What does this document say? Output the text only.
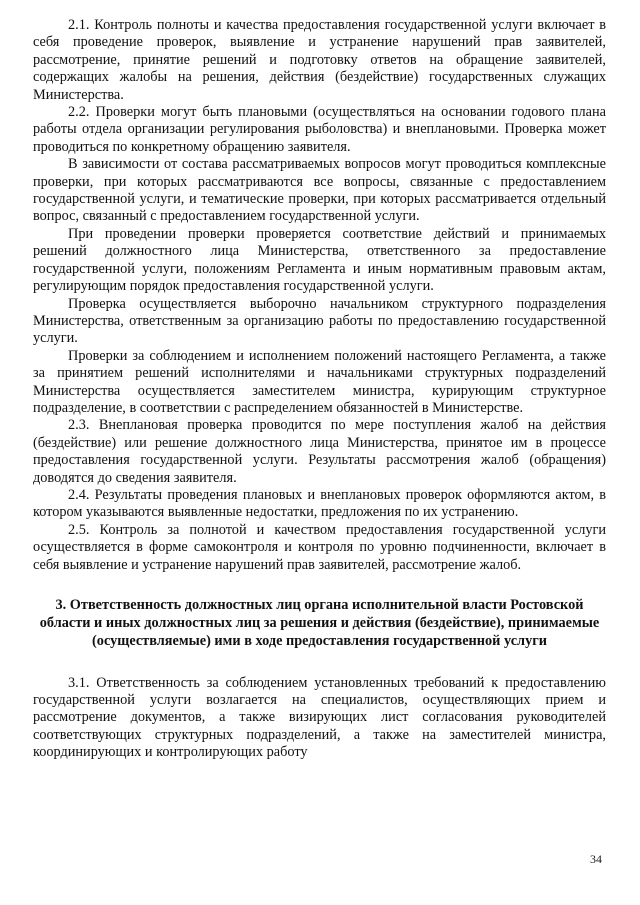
2.1. Контроль полноты и качества предоставления государственной услуги включает в себя проведение проверок, выявление и устранение нарушений прав заявителей, рассмотрение, принятие решений и подготовку ответов на обращение заявителей, содержащих жалобы на решения, действия (бездействие) государственных служащих Министерства.

2.2. Проверки могут быть плановыми (осуществляться на основании годового плана работы отдела организации регулирования рыболовства) и внеплановыми. Проверка может проводиться по конкретному обращению заявителя.

В зависимости от состава рассматриваемых вопросов могут проводиться комплексные проверки, при которых рассматриваются все вопросы, связанные с предоставлением государственной услуги, и тематические проверки, при которых рассматривается отдельный вопрос, связанный с предоставлением государственной услуги.

При проведении проверки проверяется соответствие действий и принимаемых решений должностного лица Министерства, ответственного за предоставление государственной услуги, положениям Регламента и иным нормативным правовым актам, регулирующим порядок предоставления государственной услуги.

Проверка осуществляется выборочно начальником структурного подразделения Министерства, ответственным за организацию работы по предоставлению государственной услуги.

Проверки за соблюдением и исполнением положений настоящего Регламента, а также за принятием решений исполнителями и начальниками структурных подразделений Министерства осуществляется заместителем министра, курирующим структурное подразделение, в соответствии с распределением обязанностей в Министерстве.

2.3. Внеплановая проверка проводится по мере поступления жалоб на действия (бездействие) или решение должностного лица Министерства, принятое им в процессе предоставления государственной услуги. Результаты рассмотрения жалоб (обращения) доводятся до сведения заявителя.

2.4. Результаты проведения плановых и внеплановых проверок оформляются актом, в котором указываются выявленные недостатки, предложения по их устранению.

2.5. Контроль за полнотой и качеством предоставления государственной услуги осуществляется в форме самоконтроля и контроля по уровню подчиненности, включает в себя выявление и устранение нарушений прав заявителей, рассмотрение жалоб.

3. Ответственность должностных лиц органа исполнительной власти Ростовской области и иных должностных лиц за решения и действия (бездействие), принимаемые (осуществляемые) ими в ходе предоставления государственной услуги

3.1. Ответственность за соблюдением установленных требований к предоставлению государственной услуги возлагается на специалистов, осуществляющих прием и рассмотрение документов, а также визирующих лист согласования руководителей соответствующих структурных подразделений, а также на заместителей министра, координирующих и контролирующих работу

34
